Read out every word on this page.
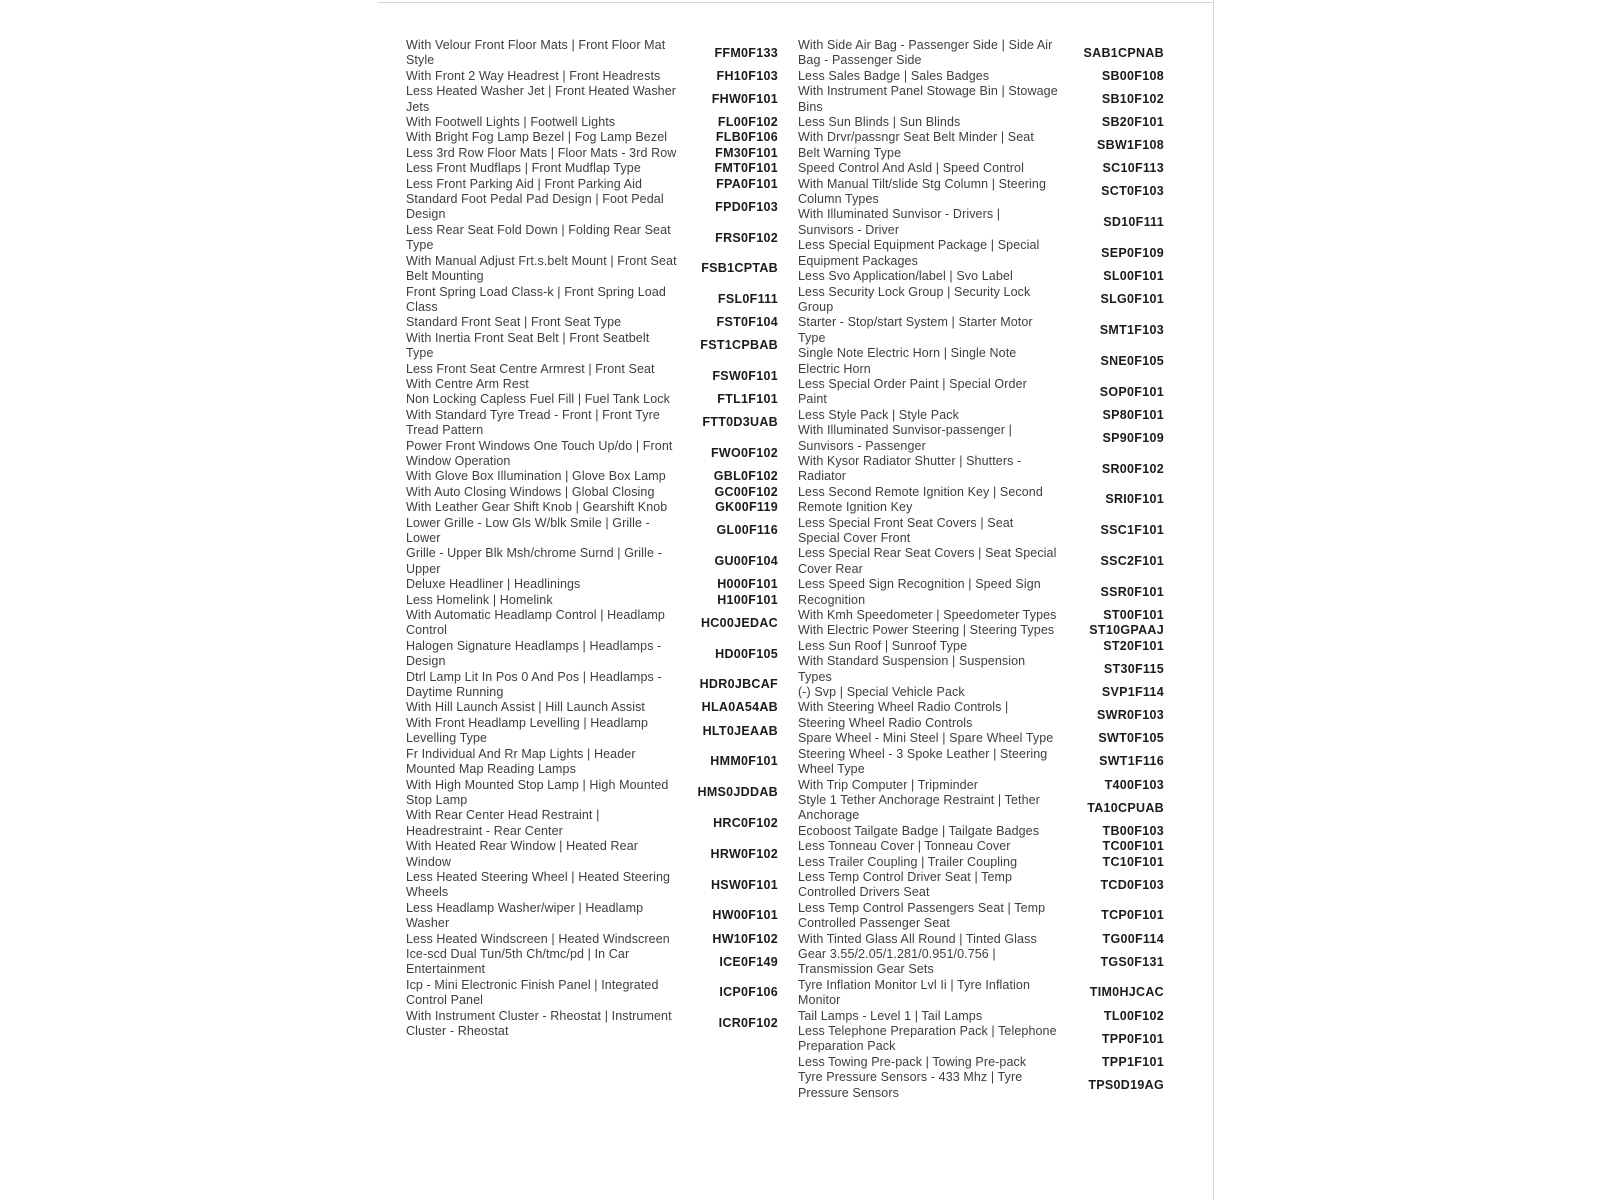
With Velour Front Floor Mats | Front Floor Mat Style
FFM0F133
With Front 2 Way Headrest | Front Headrests	FH10F103
Less Heated Washer Jet | Front Heated Washer Jets
FHW0F101
With Footwell Lights | Footwell Lights	FL00F102
With Bright Fog Lamp Bezel | Fog Lamp Bezel	FLB0F106
Less 3rd Row Floor Mats | Floor Mats - 3rd Row	FM30F101
Less Front Mudflaps | Front Mudflap Type	FMT0F101
Less Front Parking Aid | Front Parking Aid	FPA0F101
Standard Foot Pedal Pad Design | Foot Pedal Design
FPD0F103
Less Rear Seat Fold Down | Folding Rear Seat Type
FRS0F102
With Manual Adjust Frt.s.belt Mount | Front Seat Belt Mounting
FSB1CPTAB
Front Spring Load Class-k | Front Spring Load Class
FSL0F111
Standard Front Seat | Front Seat Type	FST0F104
With Inertia Front Seat Belt | Front Seatbelt Type
FST1CPBAB
Less Front Seat Centre Armrest | Front Seat With Centre Arm Rest
FSW0F101
Non Locking Capless Fuel Fill | Fuel Tank Lock	FTL1F101
With Standard Tyre Tread - Front | Front Tyre Tread Pattern
FTT0D3UAB
Power Front Windows One Touch Up/do | Front Window Operation
FWO0F102
With Glove Box Illumination | Glove Box Lamp	GBL0F102
With Auto Closing Windows | Global Closing	GC00F102
With Leather Gear Shift Knob | Gearshift Knob	GK00F119
Lower Grille - Low Gls W/blk Smile | Grille - Lower
GL00F116
Grille - Upper Blk Msh/chrome Surnd | Grille - Upper
GU00F104
Deluxe Headliner | Headlinings	H000F101
Less Homelink | Homelink	H100F101
With Automatic Headlamp Control | Headlamp Control
HC00JEDAC
Halogen Signature Headlamps | Headlamps - Design
HD00F105
Dtrl Lamp Lit In Pos 0 And Pos | Headlamps - Daytime Running
HDR0JBCAF
With Hill Launch Assist | Hill Launch Assist	HLA0A54AB
With Front Headlamp Levelling | Headlamp Levelling Type
HLT0JEAAB
Fr Individual And Rr Map Lights | Header Mounted Map Reading Lamps
HMM0F101
With High Mounted Stop Lamp | High Mounted Stop Lamp
HMS0JDDAB
With Rear Center Head Restraint | Headrestraint - Rear Center
HRC0F102
With Heated Rear Window | Heated Rear Window
HRW0F102
Less Heated Steering Wheel | Heated Steering Wheels
HSW0F101
Less Headlamp Washer/wiper | Headlamp Washer
HW00F101
Less Heated Windscreen | Heated Windscreen	HW10F102
Ice-scd Dual Tun/5th Ch/tmc/pd | In Car Entertainment
ICE0F149
Icp - Mini Electronic Finish Panel | Integrated Control Panel
ICP0F106
With Instrument Cluster - Rheostat | Instrument Cluster - Rheostat
ICR0F102
With Side Air Bag - Passenger Side | Side Air Bag - Passenger Side
SAB1CPNAB
Less Sales Badge | Sales Badges	SB00F108
With Instrument Panel Stowage Bin | Stowage Bins
SB10F102
Less Sun Blinds | Sun Blinds	SB20F101
With Drvr/passngr Seat Belt Minder | Seat Belt Warning Type
SBW1F108
Speed Control And Asld | Speed Control	SC10F113
With Manual Tilt/slide Stg Column | Steering Column Types
SCT0F103
With Illuminated Sunvisor - Drivers | Sunvisors - Driver
SD10F111
Less Special Equipment Package | Special Equipment Packages
SEP0F109
Less Svo Application/label | Svo Label	SL00F101
Less Security Lock Group | Security Lock Group
SLG0F101
Starter - Stop/start System | Starter Motor Type
SMT1F103
Single Note Electric Horn | Single Note Electric Horn
SNE0F105
Less Special Order Paint | Special Order Paint
SOP0F101
Less Style Pack | Style Pack	SP80F101
With Illuminated Sunvisor-passenger | Sunvisors - Passenger
SP90F109
With Kysor Radiator Shutter | Shutters - Radiator
SR00F102
Less Second Remote Ignition Key | Second Remote Ignition Key
SRI0F101
Less Special Front Seat Covers | Seat Special Cover Front
SSC1F101
Less Special Rear Seat Covers | Seat Special Cover Rear
SSC2F101
Less Speed Sign Recognition | Speed Sign Recognition
SSR0F101
With Kmh Speedometer | Speedometer Types	ST00F101
With Electric Power Steering | Steering Types	ST10GPAAJ
Less Sun Roof | Sunroof Type	ST20F101
With Standard Suspension | Suspension Types
ST30F115
(-) Svp | Special Vehicle Pack	SVP1F114
With Steering Wheel Radio Controls | Steering Wheel Radio Controls
SWR0F103
Spare Wheel - Mini Steel | Spare Wheel Type	SWT0F105
Steering Wheel - 3 Spoke Leather | Steering Wheel Type
SWT1F116
With Trip Computer | Tripminder	T400F103
Style 1 Tether Anchorage Restraint | Tether Anchorage
TA10CPUAB
Ecoboost Tailgate Badge | Tailgate Badges	TB00F103
Less Tonneau Cover | Tonneau Cover	TC00F101
Less Trailer Coupling | Trailer Coupling	TC10F101
Less Temp Control Driver Seat | Temp Controlled Drivers Seat
TCD0F103
Less Temp Control Passengers Seat | Temp Controlled Passenger Seat
TCP0F101
With Tinted Glass All Round | Tinted Glass	TG00F114
Gear 3.55/2.05/1.281/0.951/0.756 | Transmission Gear Sets
TGS0F131
Tyre Inflation Monitor Lvl Ii | Tyre Inflation Monitor
TIM0HJCAC
Tail Lamps - Level 1 | Tail Lamps	TL00F102
Less Telephone Preparation Pack | Telephone Preparation Pack
TPP0F101
Less Towing Pre-pack | Towing Pre-pack	TPP1F101
Tyre Pressure Sensors - 433 Mhz | Tyre Pressure Sensors
TPS0D19AG
